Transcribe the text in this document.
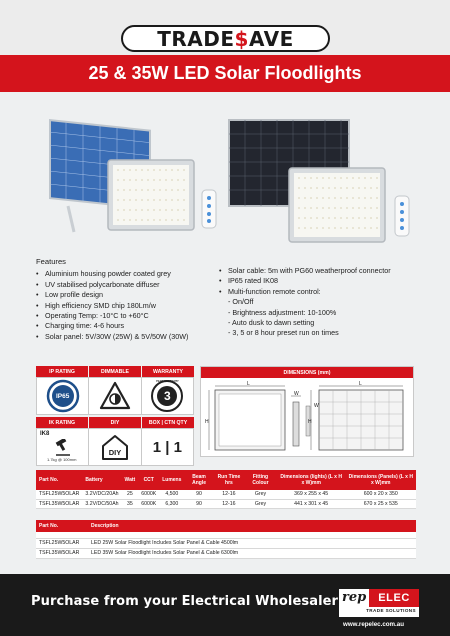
TRADE$AVE
25 & 35W LED Solar Floodlights
Features
• Aluminium housing powder coated grey
• UV stabilised polycarbonate diffuser
• Low profile design
• High efficiency SMD chip 180Lm/w
• Operating Temp: -10°C to +60°C
• Charging time: 4-6 hours
• Solar panel: 5V/30W (25W) & 5V/50W (30W)
• Solar cable: 5m with PG60 weatherproof connector
• IP65 rated IK08
• Multi-function remote control:
- On/Off
- Brightness adjustment: 10-100%
- Auto dusk to dawn setting
- 3, 5 or 8 hour preset run on times
IP RATING	DIMMABLE	WARRANTY
IP65	3
YEAR WARRANTY
IK RATING	DIY	BOX | CTN QTY
IK8
1.7kg @ 100mm
DIY	1 | 1
DIMENSIONS (mm)
L
H
W
L
H
W
Part No.	Battery	Watt	CCT	Lumens	Beam Angle	Run Time hrs	Fitting Colour	Dimensions (lights) (L x H x W)mm	Dimensions (Panels) (L x H x W)mm
TSFL25W5OLAR	3.2V/DC/20Ah	25	6000K	4,500	90	12-16	Grey	369 x 255 x 45	600 x 20 x 350
TSFL35W5OLAR	3.2V/DC/50Ah	35	6000K	6,300	90	12-16	Grey	441 x 301 x 45	670 x 25 x 535
Part No.	Description

TSFL25W5OLAR	LED 25W Solar Floodlight Includes Solar Panel & Cable 4500lm
TSFL35W5OLAR	LED 35W Solar Floodlight Includes Solar Panel & Cable 6300lm
Purchase from your Electrical Wholesaler rep	ELEC
TRADE SOLUTIONS
www.repelec.com.au
